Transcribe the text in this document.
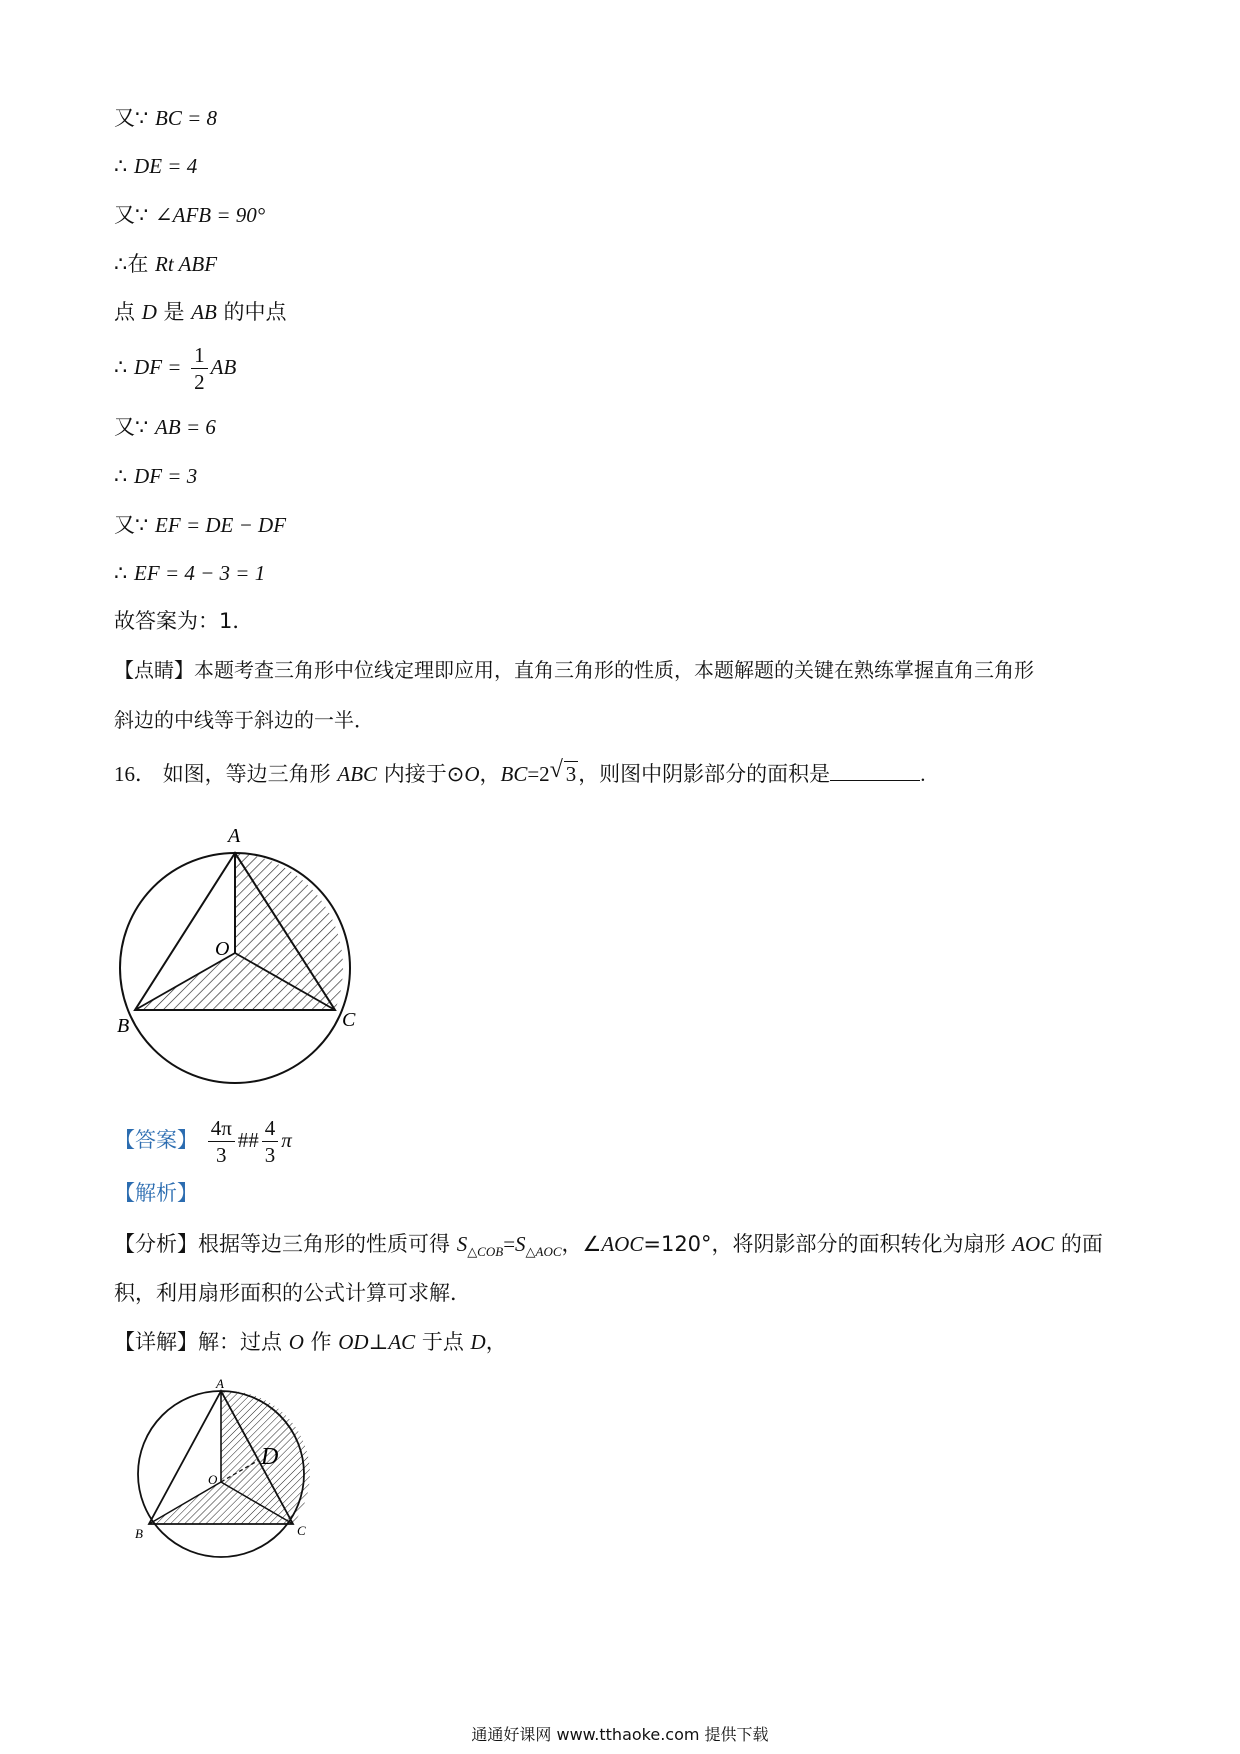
又∵ BC = 8
∴ DE = 4
又∵ ∠AFB = 90°
∴在 Rt ABF
点 D 是 AB 的中点
∴ DF = $\frac{1}{2}$ AB
又∵ AB = 6
∴ DF = 3
又∵ EF = DE − DF
∴ EF = 4 − 3 = 1
故答案为：1．
【点睛】本题考查三角形中位线定理即应用，直角三角形的性质，本题解题的关键在熟练掌握直角三角形
斜边的中线等于斜边的一半．
16． 如图，等边三角形 ABC 内接于⊙O，BC=2 √ 3，则图中阴影部分的面积是	.
A
O
B	C
【答案】 $\frac{4\pi}{3}$ ## $\frac{4}{3}$ π
【解析】
【分析】根据等边三角形的性质可得 $S_{\triangle COB}=S_{\triangle AOC}$，∠AOC=120°，将阴影部分的面积转化为扇形 AOC 的面
积，利用扇形面积的公式计算可求解．
【详解】解：过点 O 作 OD⊥AC 于点 D，
A
O
D
B	C
通通好课网 www.tthaoke.com 提供下载
